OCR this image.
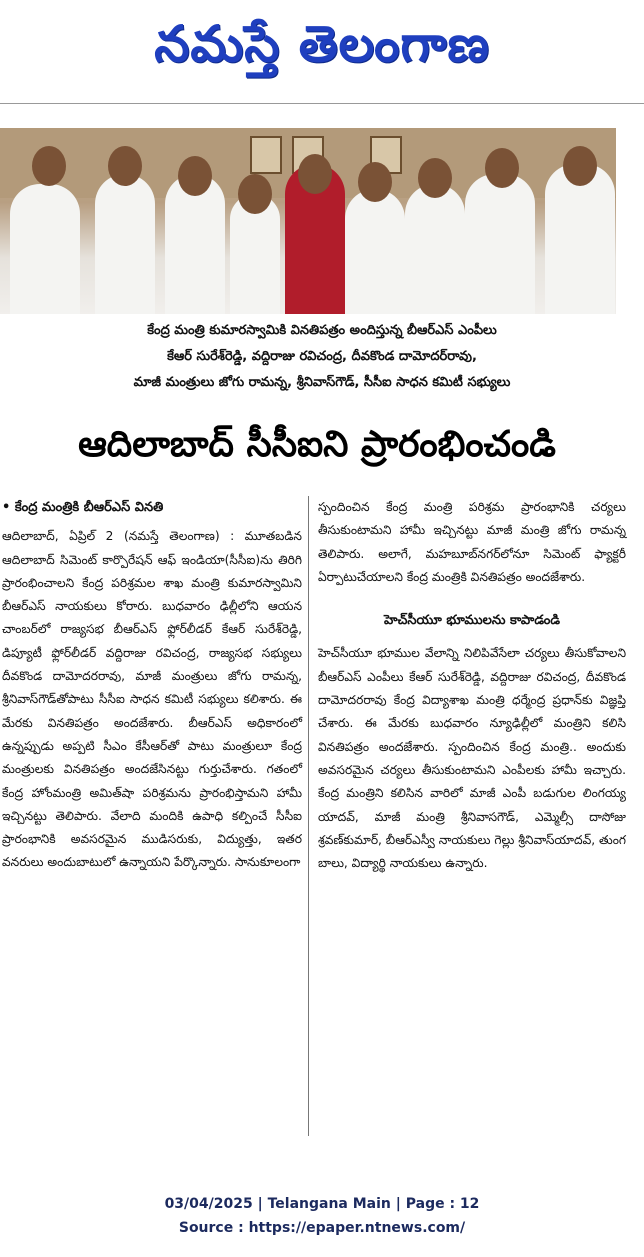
నమస్తే తెలంగాణ
కేంద్ర మంత్రి కుమారస్వామికి వినతిపత్రం అందిస్తున్న బీఆర్ఎస్ ఎంపీలు
కేఆర్ సురేశ్‌రెడ్డి, వద్దిరాజు రవిచంద్ర, దీవకొండ దామోదర్‌రావు,
మాజీ మంత్రులు జోగు రామన్న, శ్రీనివాస్‌గౌడ్, సీసీఐ సాధన కమిటీ సభ్యులు
ఆదిలాబాద్ సీసీఐని ప్రారంభించండి
• కేంద్ర మంత్రికి బీఆర్ఎస్ వినతి

ఆదిలాబాద్, ఏప్రిల్ 2 (నమస్తే తెలంగాణ) : మూతబడిన ఆదిలాబాద్ సిమెంట్ కార్పొరేషన్ ఆఫ్ ఇండియా(సీసీఐ)ను తిరిగి ప్రారంభించాలని కేంద్ర పరిశ్రమల శాఖ మంత్రి కుమారస్వామిని బీఆర్ఎస్ నాయకులు కోరారు. బుధవారం ఢిల్లీలోని ఆయన చాంబర్‌లో రాజ్యసభ బీఆర్ఎస్ ఫ్లోర్‌లీడర్ కేఆర్ సురేశ్‌రెడ్డి, డిప్యూటీ ఫ్లోర్‌లీడర్ వద్దిరాజు రవిచంద్ర, రాజ్యసభ సభ్యులు దీవకొండ దామోదరరావు, మాజీ మంత్రులు జోగు రామన్న, శ్రీనివాస్‌గౌడ్‌తోపాటు సీసీఐ సాధన కమిటీ సభ్యులు కలిశారు. ఈ మేరకు వినతిపత్రం అందజేశారు. బీఆర్ఎస్ అధికారంలో ఉన్నప్పుడు అప్పటి సీఎం కేసీఆర్‌తో పాటు మంత్రులూ కేంద్ర మంత్రులకు వినతిపత్రం అందజేసినట్టు గుర్తుచేశారు. గతంలో కేంద్ర హోంమంత్రి అమిత్‌షా పరిశ్రమను ప్రారంభిస్తామని హామీ ఇచ్చినట్టు తెలిపారు. వేలాది మందికి ఉపాధి కల్పించే సీసీఐ ప్రారంభానికి అవసరమైన ముడిసరుకు, విద్యుత్తు, ఇతర వనరులు అందుబాటులో ఉన్నాయని పేర్కొన్నారు. సానుకూలంగా

స్పందించిన కేంద్ర మంత్రి పరిశ్రమ ప్రారంభానికి చర్యలు తీసుకుంటామని హామీ ఇచ్చినట్టు మాజీ మంత్రి జోగు రామన్న తెలిపారు. అలాగే, మహబూబ్‌నగర్‌లోనూ సిమెంట్ ఫ్యాక్టరీ ఏర్పాటుచేయాలని కేంద్ర మంత్రికి వినతిపత్రం అందజేశారు.

హెచ్‌సీయూ భూములను కాపాడండి

హెచ్‌సీయూ భూముల వేలాన్ని నిలిపివేసేలా చర్యలు తీసుకోవాలని బీఆర్ఎస్ ఎంపీలు కేఆర్ సురేశ్‌రెడ్డి, వద్దిరాజు రవిచంద్ర, దీవకొండ దామోదరరావు కేంద్ర విద్యాశాఖ మంత్రి ధర్మేంద్ర ప్రధాన్‌కు విజ్ఞప్తి చేశారు. ఈ మేరకు బుధవారం న్యూఢిల్లీలో మంత్రిని కలిసి వినతిపత్రం అందజేశారు. స్పందించిన కేంద్ర మంత్రి.. అందుకు అవసరమైన చర్యలు తీసుకుంటామని ఎంపీలకు హామీ ఇచ్చారు. కేంద్ర మంత్రిని కలిసిన వారిలో మాజీ ఎంపీ బడుగుల లింగయ్య యాదవ్, మాజీ మంత్రి శ్రీనివాసగౌడ్, ఎమ్మెల్సీ దాసోజు శ్రవణ్‌కుమార్, బీఆర్ఎస్వీ నాయకులు గెల్లు శ్రీనివాస్‌యాదవ్, తుంగ బాలు, విద్యార్థి నాయకులు ఉన్నారు.

03/04/2025 | Telangana Main | Page : 12
Source : https://epaper.ntnews.com/
